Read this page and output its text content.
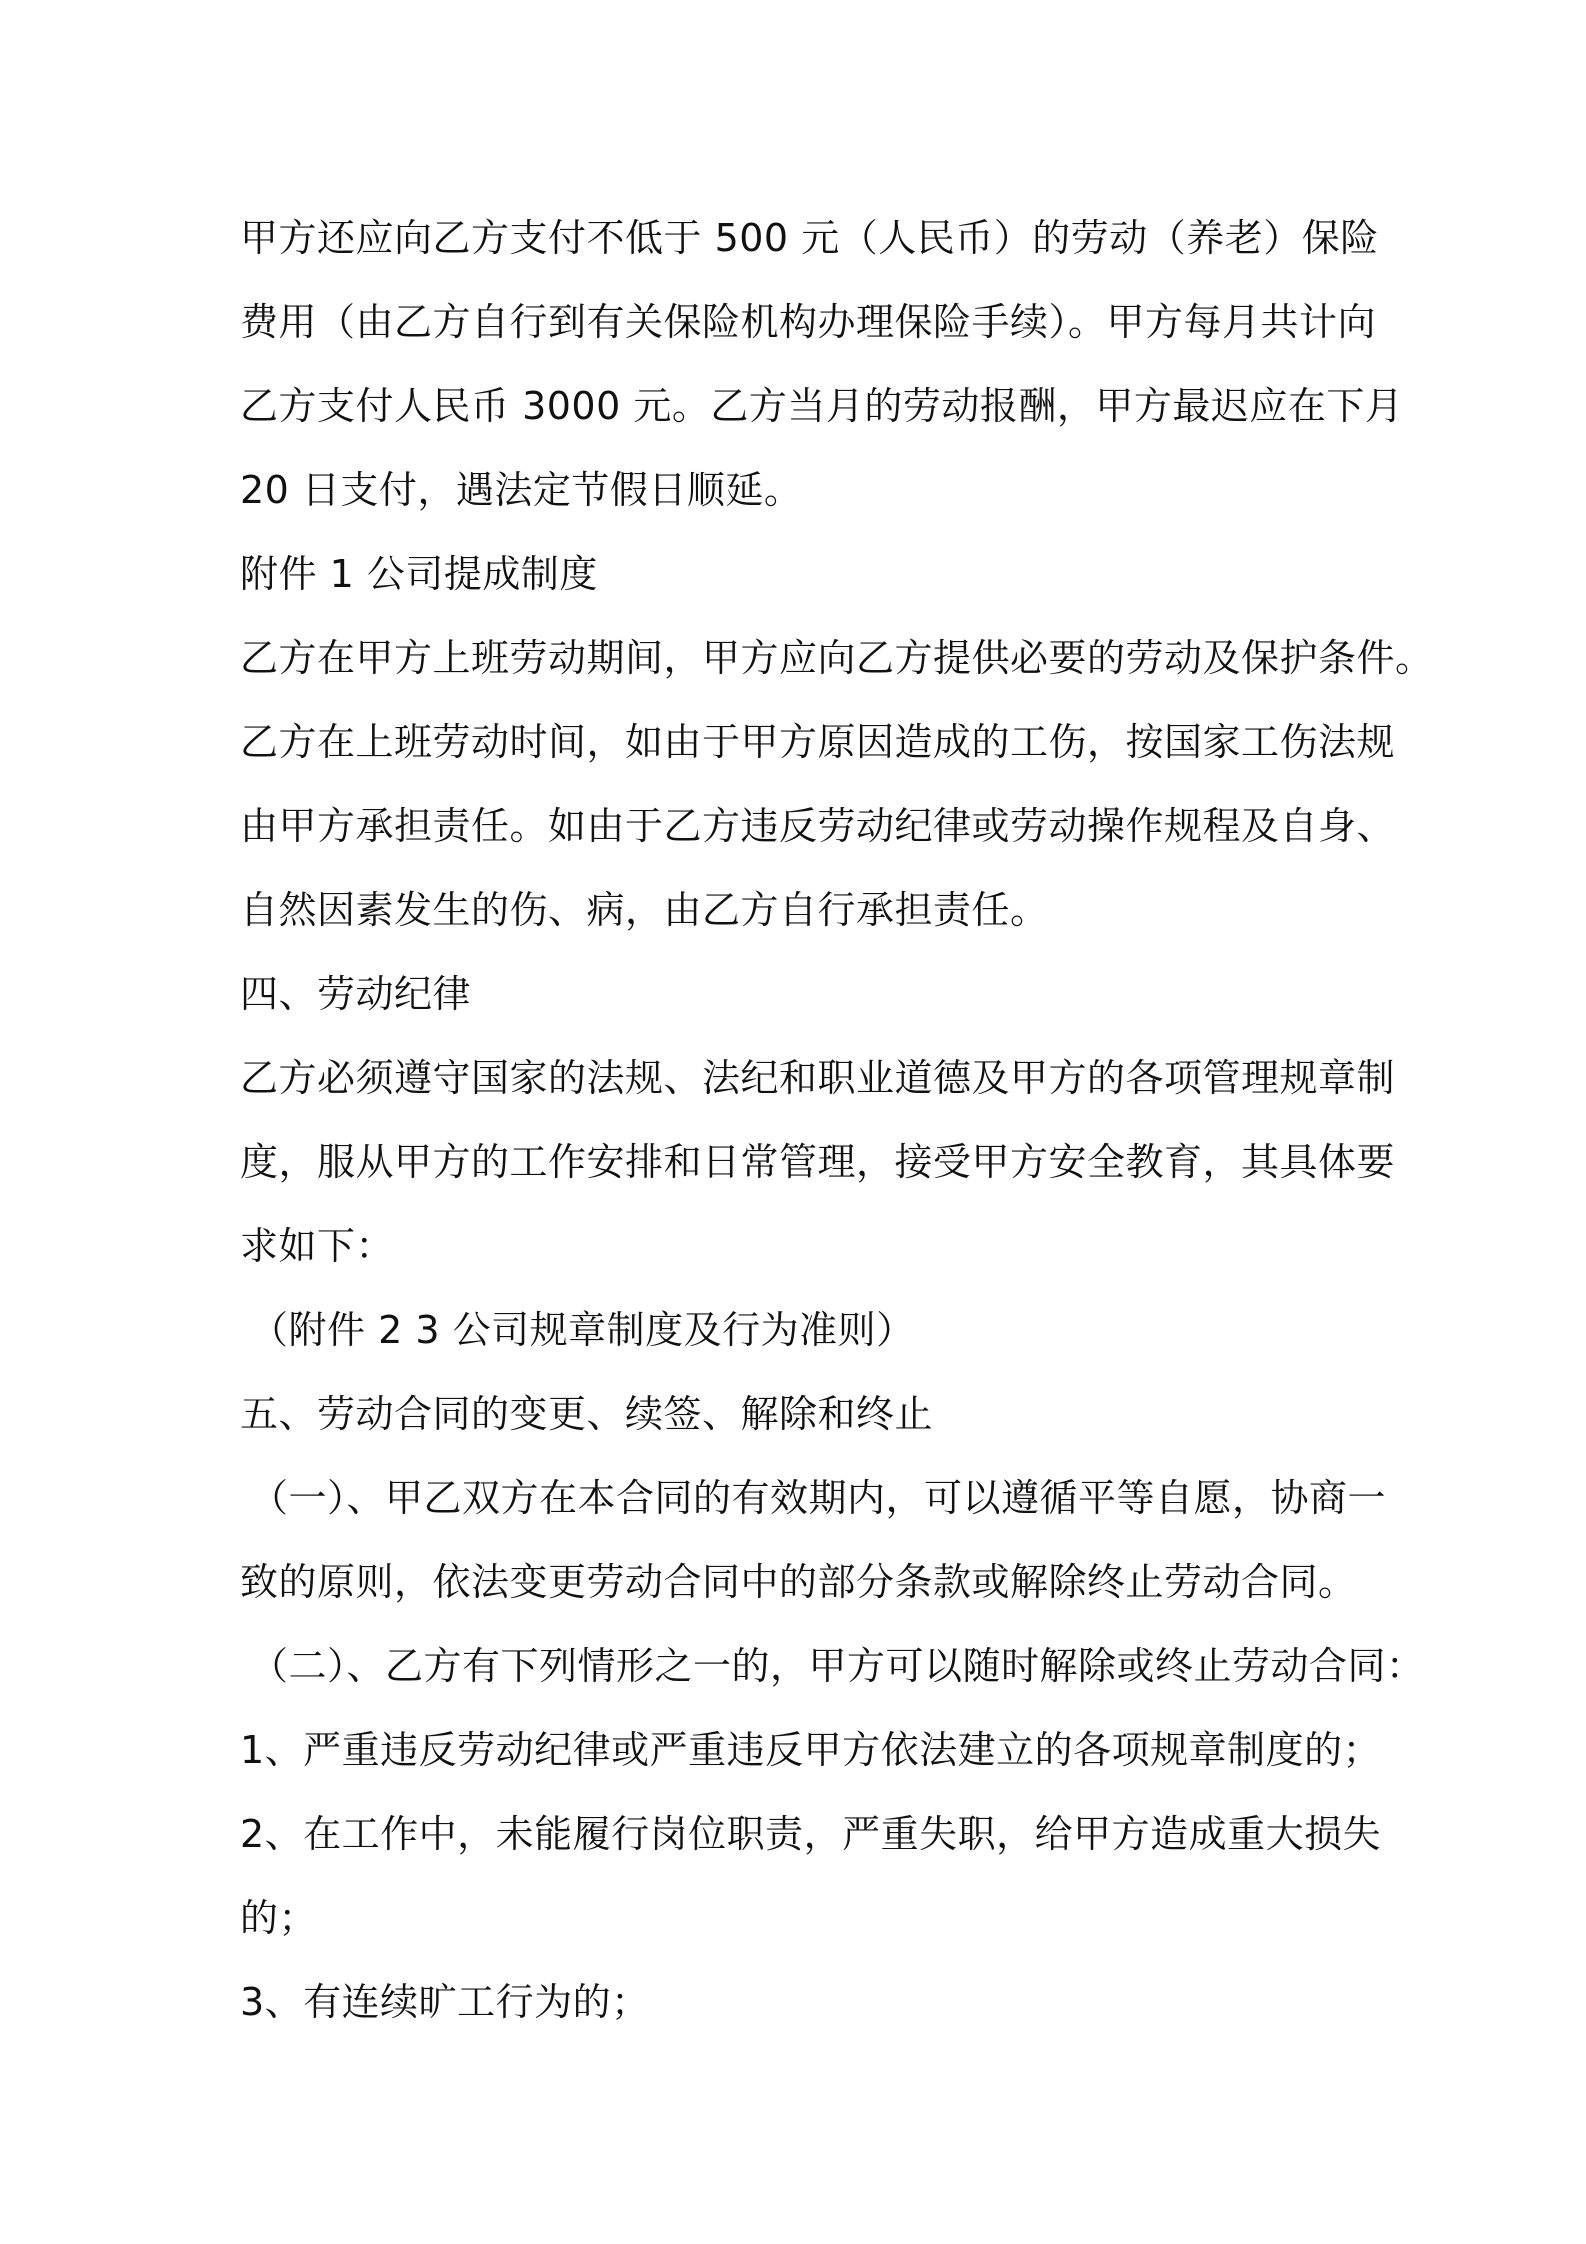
甲方还应向乙方支付不低于 500 元（人民币）的劳动（养老）保险
费用（由乙方自行到有关保险机构办理保险手续）。甲方每月共计向
乙方支付人民币 3000 元。乙方当月的劳动报酬，甲方最迟应在下月
20 日支付，遇法定节假日顺延。
附件 1 公司提成制度
乙方在甲方上班劳动期间，甲方应向乙方提供必要的劳动及保护条件。
乙方在上班劳动时间，如由于甲方原因造成的工伤，按国家工伤法规
由甲方承担责任。如由于乙方违反劳动纪律或劳动操作规程及自身、
自然因素发生的伤、病，由乙方自行承担责任。
四、劳动纪律
乙方必须遵守国家的法规、法纪和职业道德及甲方的各项管理规章制
度，服从甲方的工作安排和日常管理，接受甲方安全教育，其具体要
求如下：
（附件 2 3 公司规章制度及行为准则）
五、劳动合同的变更、续签、解除和终止
（一）、甲乙双方在本合同的有效期内，可以遵循平等自愿，协商一
致的原则，依法变更劳动合同中的部分条款或解除终止劳动合同。
（二）、乙方有下列情形之一的，甲方可以随时解除或终止劳动合同：
1、严重违反劳动纪律或严重违反甲方依法建立的各项规章制度的；
2、在工作中，未能履行岗位职责，严重失职，给甲方造成重大损失
的；
3、有连续旷工行为的；
